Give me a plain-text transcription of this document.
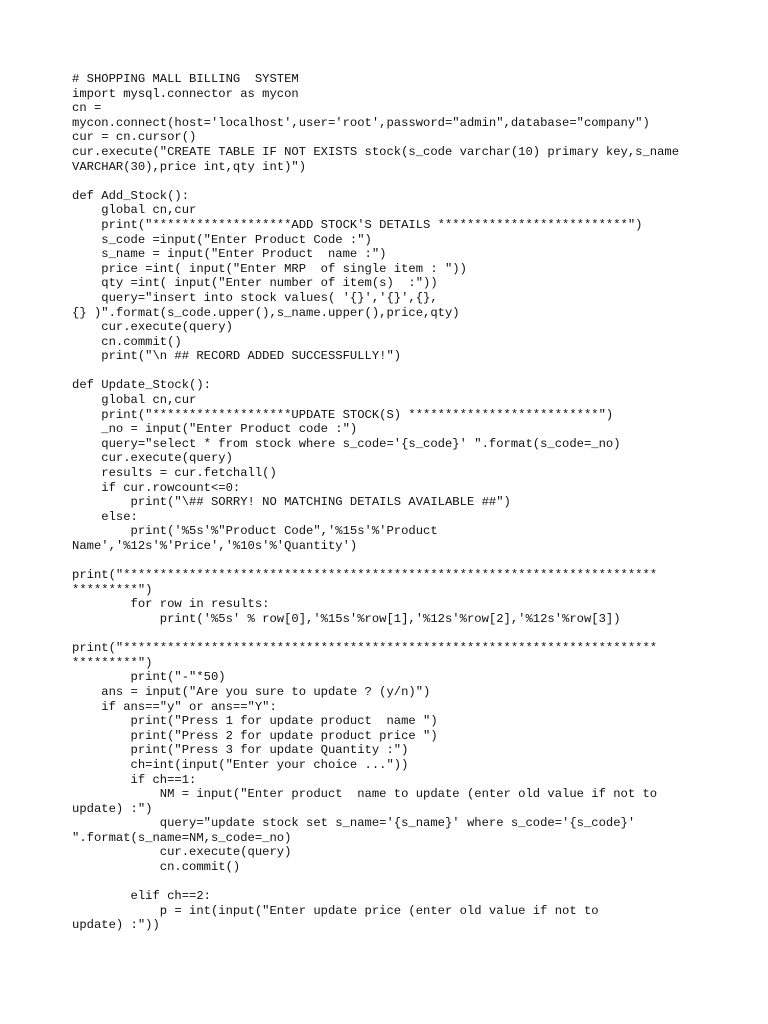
# SHOPPING MALL BILLING  SYSTEM
import mysql.connector as mycon
cn =
mycon.connect(host='localhost',user='root',password="admin",database="company")
cur = cn.cursor()
cur.execute("CREATE TABLE IF NOT EXISTS stock(s_code varchar(10) primary key,s_name
VARCHAR(30),price int,qty int)")
def Add_Stock():
global cn,cur
print("*******************ADD STOCK'S DETAILS **************************")
s_code =input("Enter Product Code :")
s_name = input("Enter Product  name :")
price =int( input("Enter MRP  of single item : "))
qty =int( input("Enter number of item(s)  :"))
query="insert into stock values( '{}','{}',{},
{} )".format(s_code.upper(),s_name.upper(),price,qty)
cur.execute(query)
cn.commit()
print("\n ## RECORD ADDED SUCCESSFULLY!")
def Update_Stock():
global cn,cur
print("*******************UPDATE STOCK(S) **************************")
_no = input("Enter Product code :")
query="select * from stock where s_code='{s_code}' ".format(s_code=_no)
cur.execute(query)
results = cur.fetchall()
if cur.rowcount<=0:
print("\## SORRY! NO MATCHING DETAILS AVAILABLE ##")
else:
print('%5s'%"Product Code",'%15s'%'Product
Name','%12s'%'Price','%10s'%'Quantity')
print("*************************************************************************
*********")
for row in results:
print('%5s' % row[0],'%15s'%row[1],'%12s'%row[2],'%12s'%row[3])
print("*************************************************************************
*********")
print("-"*50)
ans = input("Are you sure to update ? (y/n)")
if ans=="y" or ans=="Y":
print("Press 1 for update product  name ")
print("Press 2 for update product price ")
print("Press 3 for update Quantity :")
ch=int(input("Enter your choice ..."))
if ch==1:
NM = input("Enter product  name to update (enter old value if not to
update) :")
query="update stock set s_name='{s_name}' where s_code='{s_code}'
".format(s_name=NM,s_code=_no)
cur.execute(query)
cn.commit()
elif ch==2:
p = int(input("Enter update price (enter old value if not to
update) :"))
